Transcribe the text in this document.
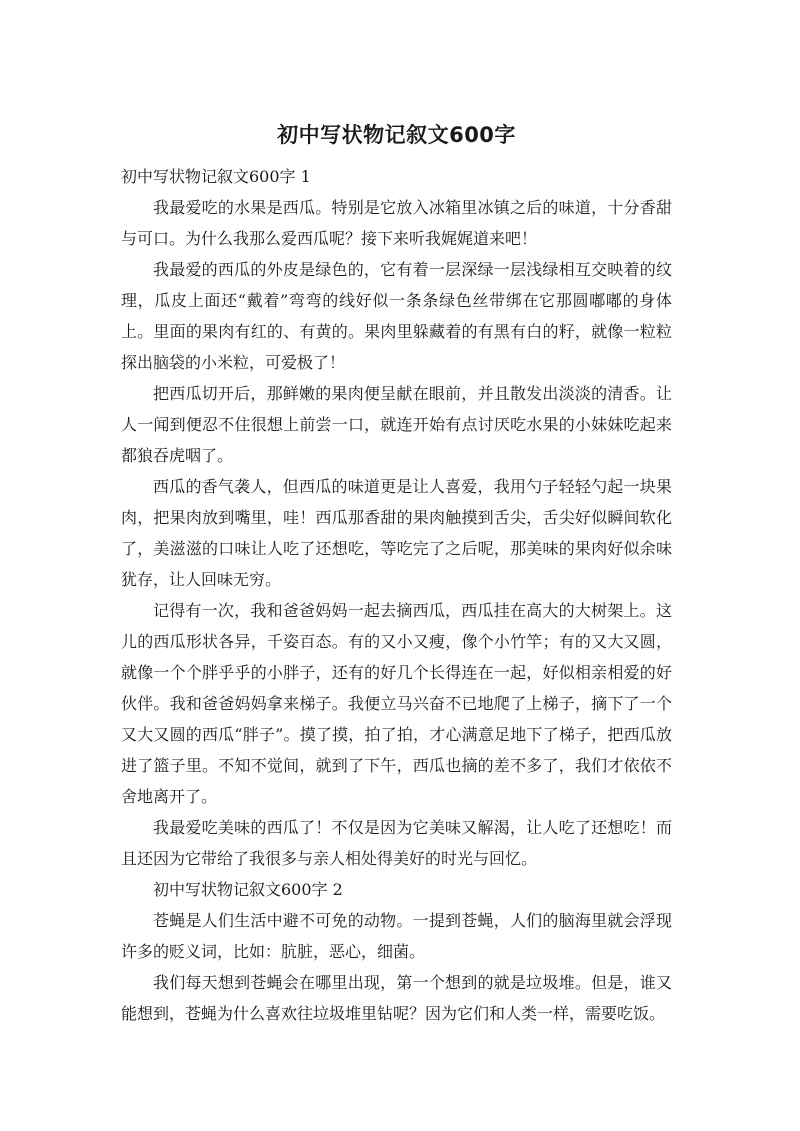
初中写状物记叙文600字

初中写状物记叙文600字 1

我最爱吃的水果是西瓜。特别是它放入冰箱里冰镇之后的味道，十分香甜与可口。为什么我那么爱西瓜呢？接下来听我娓娓道来吧！

我最爱的西瓜的外皮是绿色的，它有着一层深绿一层浅绿相互交映着的纹理，瓜皮上面还“戴着”弯弯的线好似一条条绿色丝带绑在它那圆嘟嘟的身体上。里面的果肉有红的、有黄的。果肉里躲藏着的有黑有白的籽，就像一粒粒探出脑袋的小米粒，可爱极了！

把西瓜切开后，那鲜嫩的果肉便呈献在眼前，并且散发出淡淡的清香。让人一闻到便忍不住很想上前尝一口，就连开始有点讨厌吃水果的小妹妹吃起来都狼吞虎咽了。

西瓜的香气袭人，但西瓜的味道更是让人喜爱，我用勺子轻轻勺起一块果肉，把果肉放到嘴里，哇！西瓜那香甜的果肉触摸到舌尖，舌尖好似瞬间软化了，美滋滋的口味让人吃了还想吃，等吃完了之后呢，那美味的果肉好似余味犹存，让人回味无穷。

记得有一次，我和爸爸妈妈一起去摘西瓜，西瓜挂在高大的大树架上。这儿的西瓜形状各异，千姿百态。有的又小又瘦，像个小竹竿；有的又大又圆，就像一个个胖乎乎的小胖子，还有的好几个长得连在一起，好似相亲相爱的好伙伴。我和爸爸妈妈拿来梯子。我便立马兴奋不已地爬了上梯子，摘下了一个又大又圆的西瓜“胖子”。摸了摸，拍了拍，才心满意足地下了梯子，把西瓜放进了篮子里。不知不觉间，就到了下午，西瓜也摘的差不多了，我们才依依不舍地离开了。

我最爱吃美味的西瓜了！不仅是因为它美味又解渴，让人吃了还想吃！而且还因为它带给了我很多与亲人相处得美好的时光与回忆。

初中写状物记叙文600字 2

苍蝇是人们生活中避不可免的动物。一提到苍蝇，人们的脑海里就会浮现许多的贬义词，比如：肮脏，恶心，细菌。

我们每天想到苍蝇会在哪里出现，第一个想到的就是垃圾堆。但是，谁又能想到，苍蝇为什么喜欢往垃圾堆里钻呢？因为它们和人类一样，需要吃饭。
